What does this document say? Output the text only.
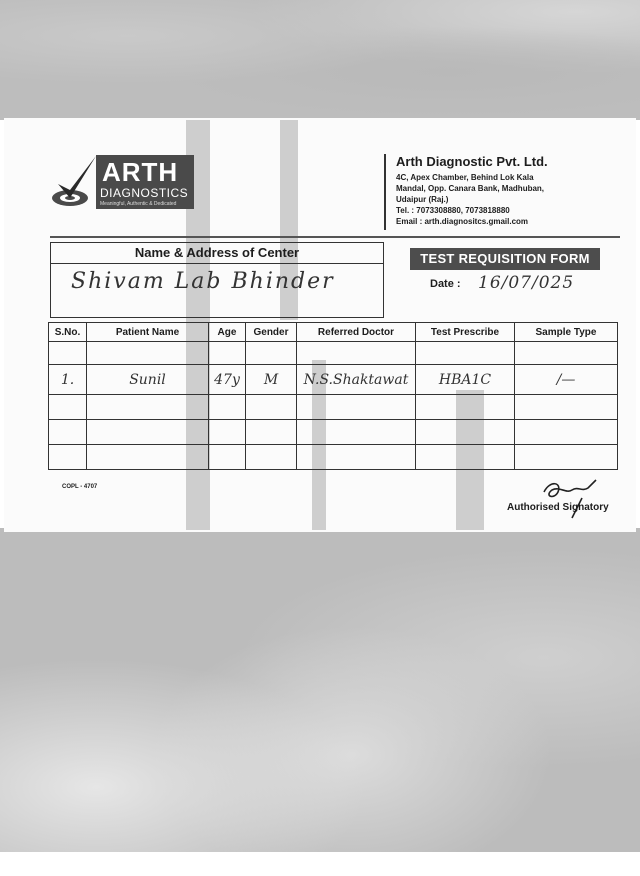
ARTH
DIAGNOSTICS
Meaningful, Authentic & Dedicated
Arth Diagnostic Pvt. Ltd.
4C, Apex Chamber, Behind Lok Kala
Mandal, Opp. Canara Bank, Madhuban,
Udaipur (Raj.)
Tel. : 7073308880, 7073818880
Email : arth.diagnositcs.gmail.com
Name & Address of Center
Shivam Lab Bhinder
TEST REQUISITION FORM
Date : 16/07/025
S.No.	Patient Name	Age	Gender	Referred Doctor	Test Prescribe	Sample Type

1.	Sunil	47y	M	N.S.Shaktawat	HBA1C	/—

COPL - 4707
Authorised Signatory
